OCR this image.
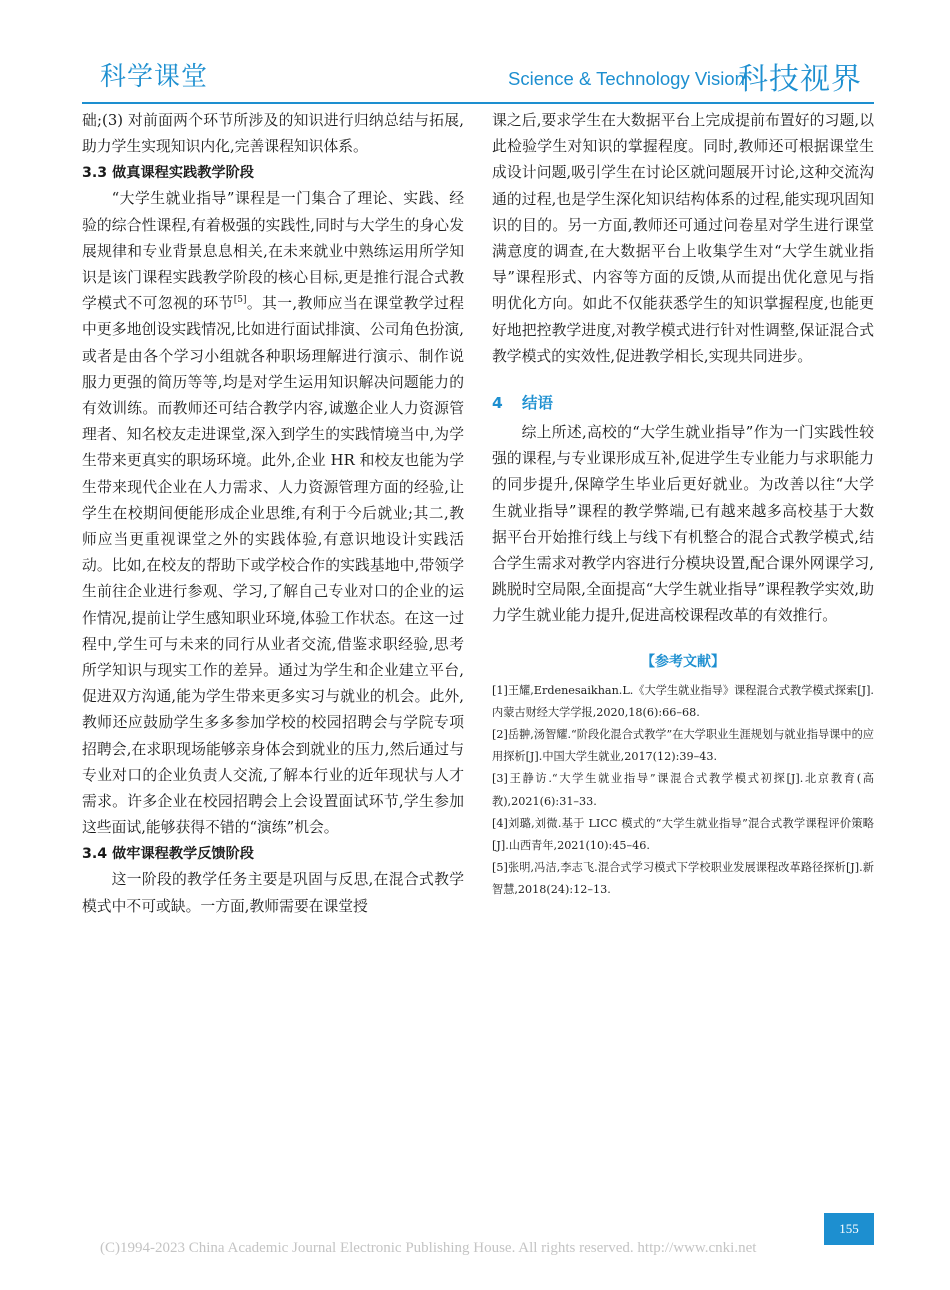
科学课堂	Science & Technology Vision
科技视界

础;(3) 对前面两个环节所涉及的知识进行归纳总结与拓展,助力学生实现知识内化,完善课程知识体系。

3.3 做真课程实践教学阶段

“大学生就业指导”课程是一门集合了理论、实践、经验的综合性课程,有着极强的实践性,同时与大学生的身心发展规律和专业背景息息相关,在未来就业中熟练运用所学知识是该门课程实践教学阶段的核心目标,更是推行混合式教学模式不可忽视的环节[5]。其一,教师应当在课堂教学过程中更多地创设实践情况,比如进行面试排演、公司角色扮演,或者是由各个学习小组就各种职场理解进行演示、制作说服力更强的简历等等,均是对学生运用知识解决问题能力的有效训练。而教师还可结合教学内容,诚邀企业人力资源管理者、知名校友走进课堂,深入到学生的实践情境当中,为学生带来更真实的职场环境。此外,企业 HR 和校友也能为学生带来现代企业在人力需求、人力资源管理方面的经验,让学生在校期间便能形成企业思维,有利于今后就业;其二,教师应当更重视课堂之外的实践体验,有意识地设计实践活动。比如,在校友的帮助下或学校合作的实践基地中,带领学生前往企业进行参观、学习,了解自己专业对口的企业的运作情况,提前让学生感知职业环境,体验工作状态。在这一过程中,学生可与未来的同行从业者交流,借鉴求职经验,思考所学知识与现实工作的差异。通过为学生和企业建立平台,促进双方沟通,能为学生带来更多实习与就业的机会。此外,教师还应鼓励学生多多参加学校的校园招聘会与学院专项招聘会,在求职现场能够亲身体会到就业的压力,然后通过与专业对口的企业负责人交流,了解本行业的近年现状与人才需求。许多企业在校园招聘会上会设置面试环节,学生参加这些面试,能够获得不错的“演练”机会。

3.4 做牢课程教学反馈阶段

这一阶段的教学任务主要是巩固与反思,在混合式教学模式中不可或缺。一方面,教师需要在课堂授

课之后,要求学生在大数据平台上完成提前布置好的习题,以此检验学生对知识的掌握程度。同时,教师还可根据课堂生成设计问题,吸引学生在讨论区就问题展开讨论,这种交流沟通的过程,也是学生深化知识结构体系的过程,能实现巩固知识的目的。另一方面,教师还可通过问卷星对学生进行课堂满意度的调查,在大数据平台上收集学生对“大学生就业指导”课程形式、内容等方面的反馈,从而提出优化意见与指明优化方向。如此不仅能获悉学生的知识掌握程度,也能更好地把控教学进度,对教学模式进行针对性调整,保证混合式教学模式的实效性,促进教学相长,实现共同进步。

4 结语

综上所述,高校的“大学生就业指导”作为一门实践性较强的课程,与专业课形成互补,促进学生专业能力与求职能力的同步提升,保障学生毕业后更好就业。为改善以往“大学生就业指导”课程的教学弊端,已有越来越多高校基于大数据平台开始推行线上与线下有机整合的混合式教学模式,结合学生需求对教学内容进行分模块设置,配合课外网课学习,跳脱时空局限,全面提高“大学生就业指导”课程教学实效,助力学生就业能力提升,促进高校课程改革的有效推行。

【参考文献】

[1]王耀,Erdenesaikhan.L.《大学生就业指导》课程混合式教学模式探索[J].内蒙古财经大学学报,2020,18(6):66–68.

[2]岳翀,汤智耀.“阶段化混合式教学”在大学职业生涯规划与就业指导课中的应用探析[J].中国大学生就业,2017(12):39–43.

[3]王静访.“大学生就业指导”课混合式教学模式初探[J].北京教育(高教),2021(6):31–33.

[4]刘璐,刘微.基于 LICC 模式的“大学生就业指导”混合式教学课程评价策略[J].山西青年,2021(10):45–46.

[5]张明,冯洁,李志飞.混合式学习模式下学校职业发展课程改革路径探析[J].新智慧,2018(24):12–13.

155
(C)1994-2023 China Academic Journal Electronic Publishing House. All rights reserved. http://www.cnki.net
